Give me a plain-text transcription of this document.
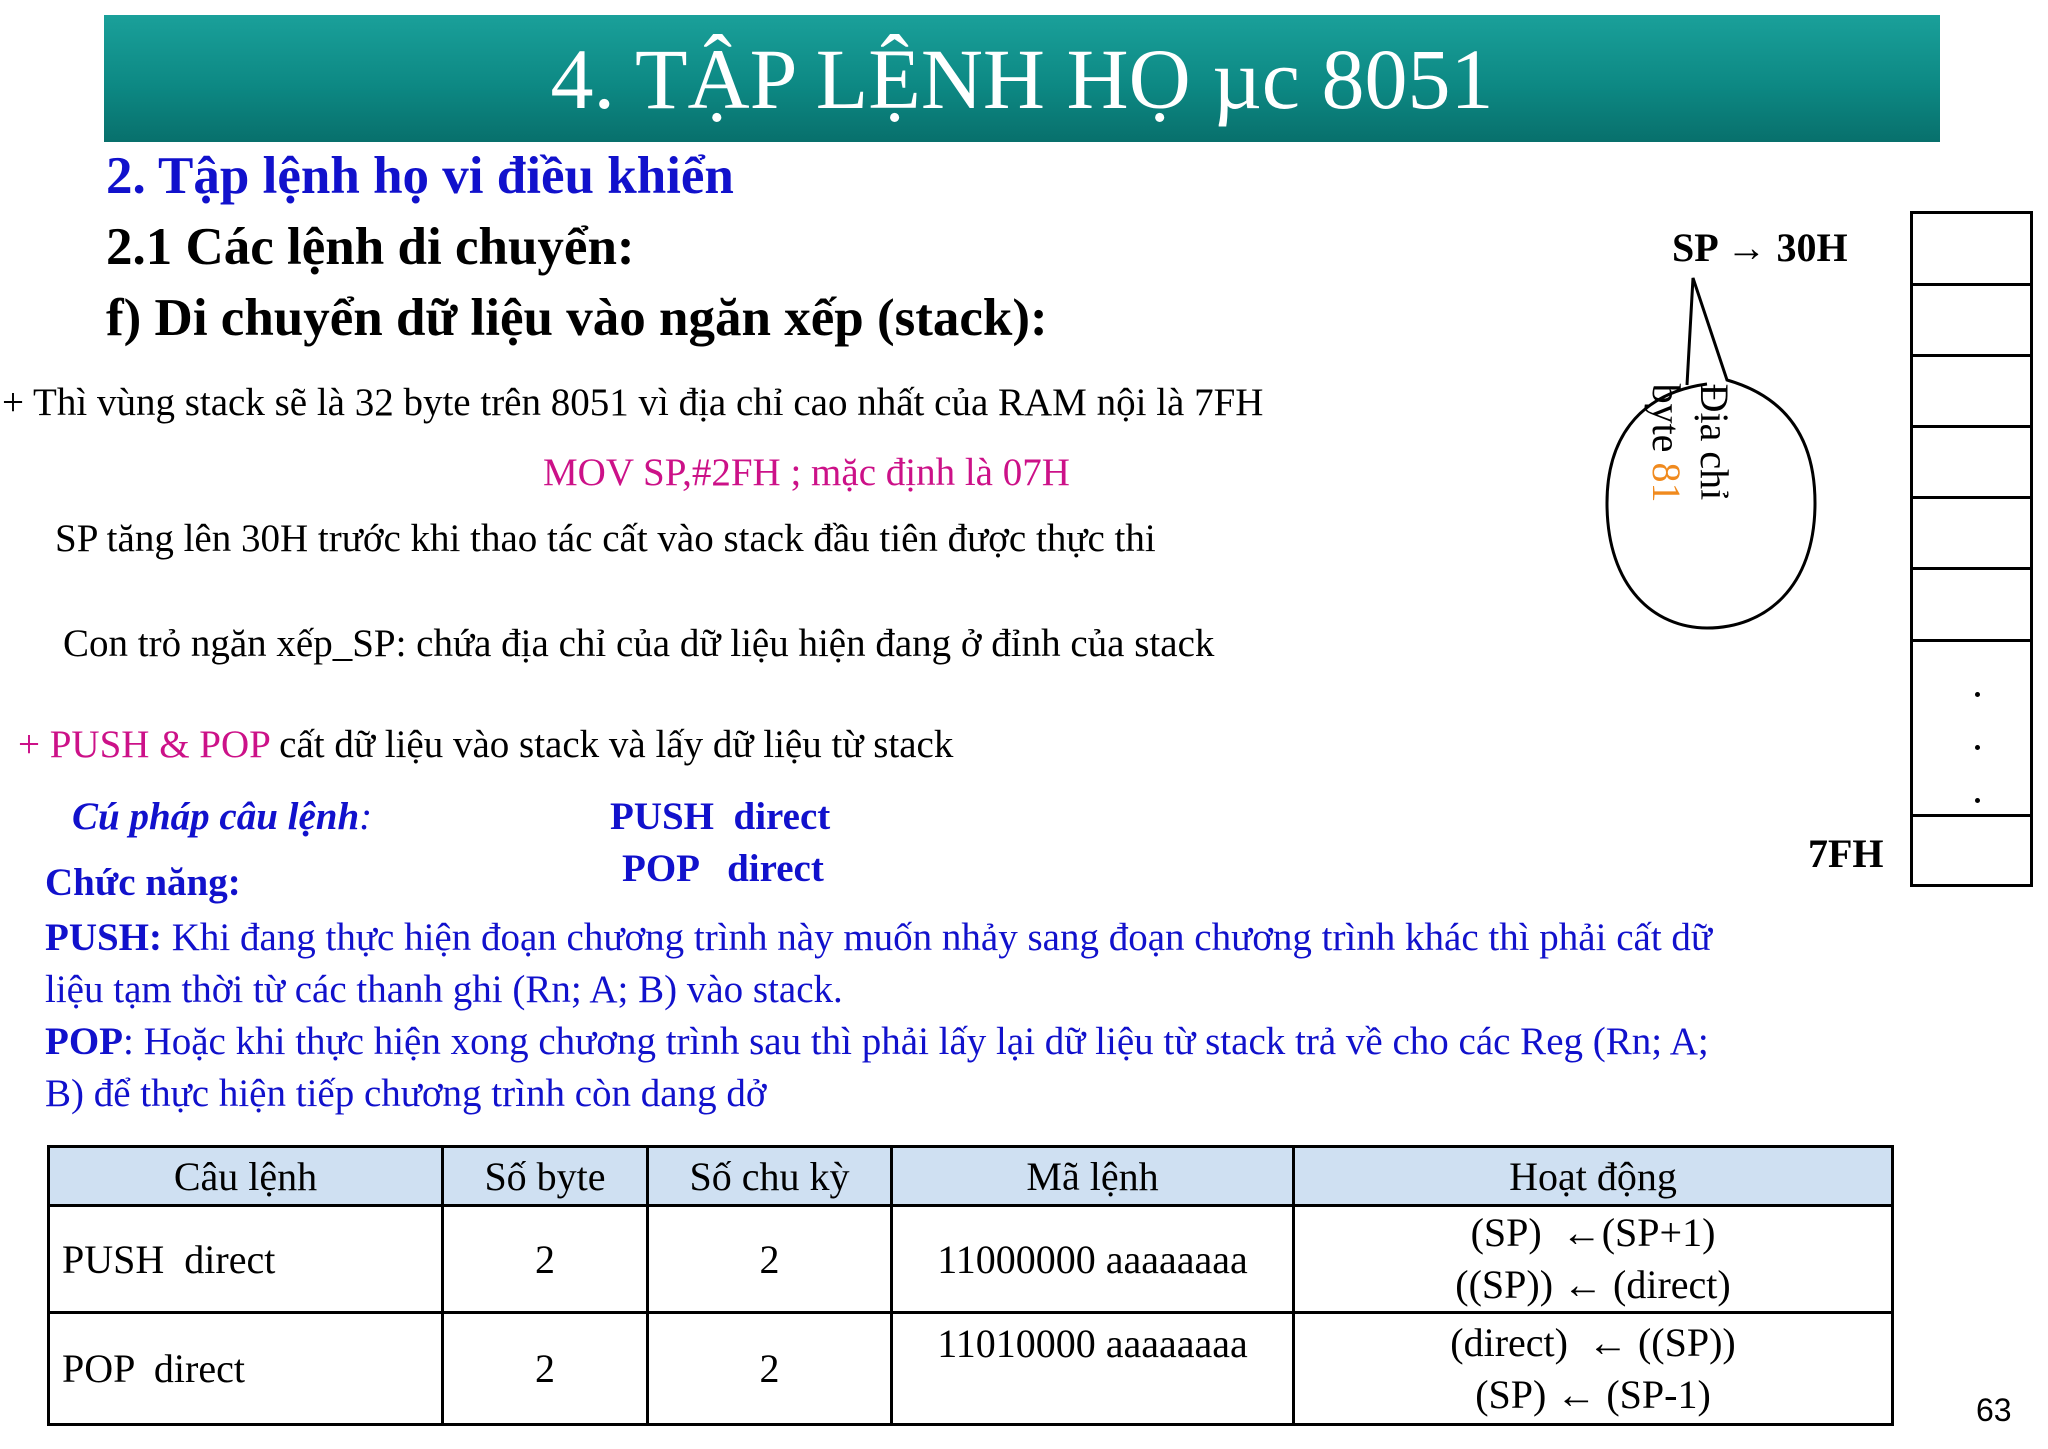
4. TẬP LỆNH HỌ µc 8051
2. Tập lệnh họ vi điều khiển
2.1 Các lệnh di chuyển:
f) Di chuyển dữ liệu vào ngăn xếp (stack):
+ Thì vùng stack sẽ là 32 byte trên 8051 vì địa chỉ cao nhất của RAM nội là 7FH
MOV SP,#2FH ; mặc định là 07H
SP tăng lên 30H trước khi thao tác cất vào stack đầu tiên được thực thi
Con trỏ ngăn xếp_SP: chứa địa chỉ của dữ liệu hiện đang ở đỉnh của stack
+ PUSH & POP cất dữ liệu vào stack và lấy dữ liệu từ stack
Cú pháp câu lệnh:	PUSH  direct
POP   direct
Chức năng:
PUSH: Khi đang thực hiện đoạn chương trình này muốn nhảy sang đoạn chương trình khác thì phải cất dữ
liệu tạm thời từ các thanh ghi (Rn; A; B) vào stack.
POP: Hoặc khi thực hiện xong chương trình sau thì phải lấy lại dữ liệu từ stack trả về cho các Reg (Rn; A;
B) để thực hiện tiếp chương trình còn dang dở
SP → 30H
7FH
Địa chỉ
byte 81
Câu lệnh	Số byte	Số chu kỳ	Mã lệnh	Hoạt động
PUSH  direct	2	2	11000000 aaaaaaaa	(SP)  ←(SP+1)
((SP)) ← (direct)

POP  direct	2	2	11010000 aaaaaaaa	(direct)  ← ((SP))
(SP) ← (SP-1)	63
